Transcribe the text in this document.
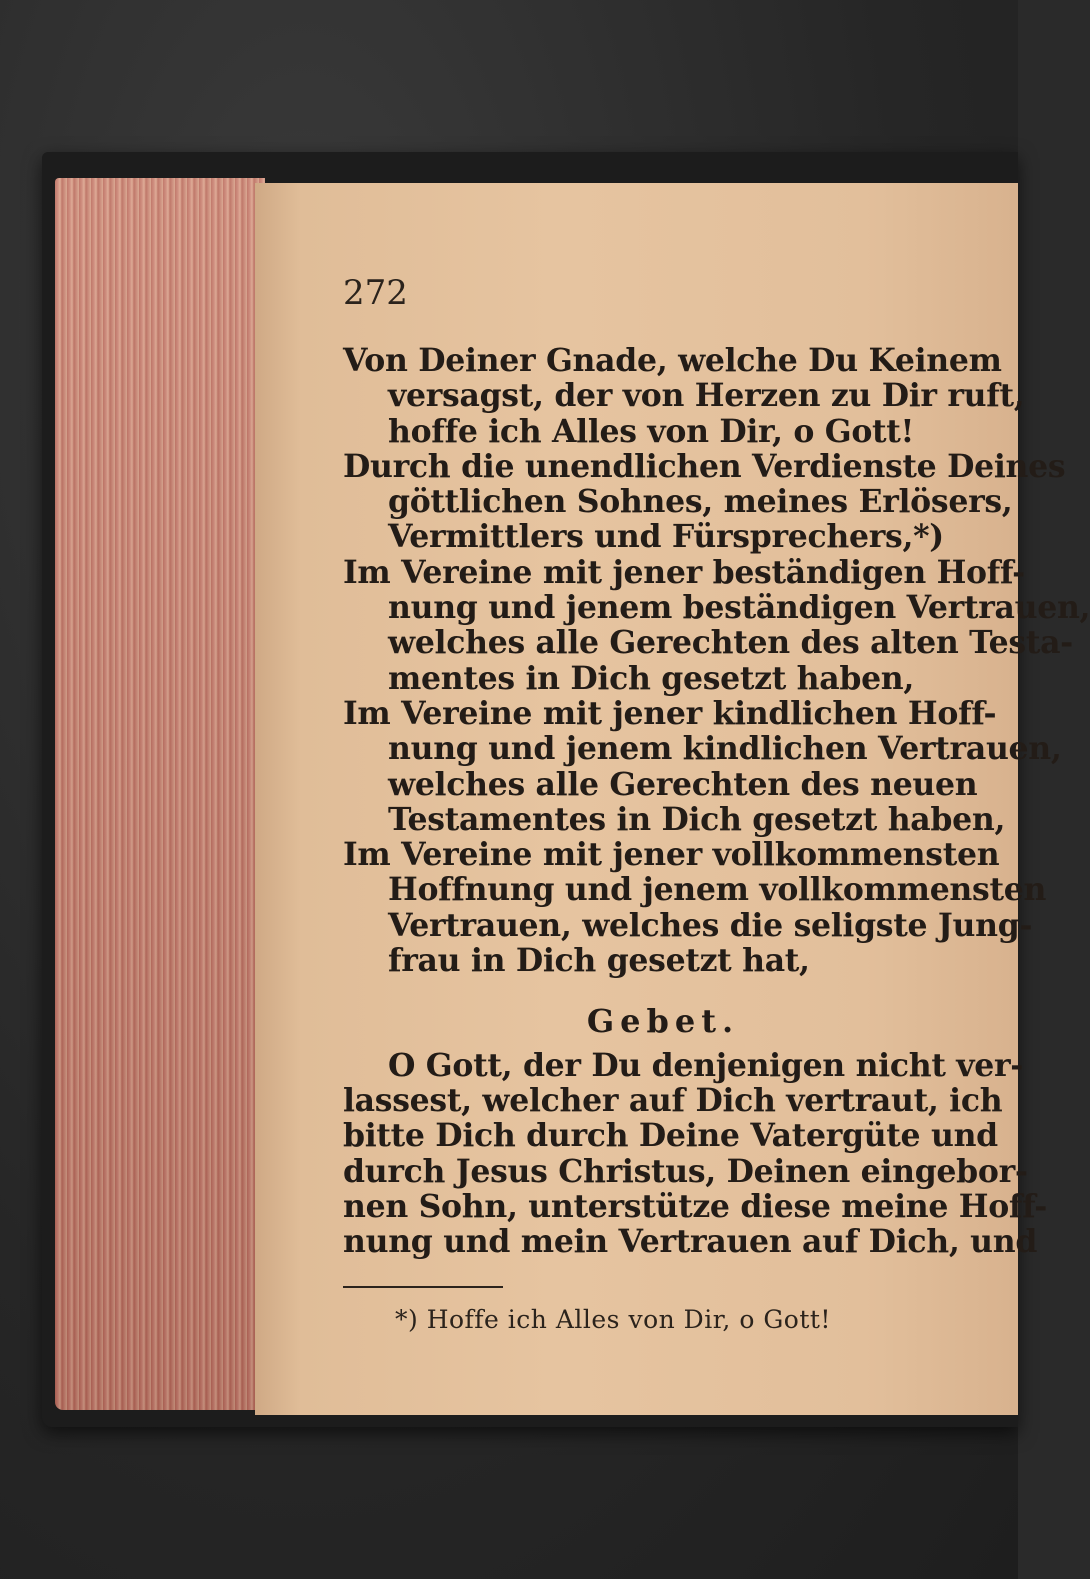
272

Von Deiner Gnade, welche Du Keinem
versagst, der von Herzen zu Dir ruft,
hoffe ich Alles von Dir, o Gott!

Durch die unendlichen Verdienste Deines
göttlichen Sohnes, meines Erlösers,
Vermittlers und Fürsprechers,*)

Im Vereine mit jener beständigen Hoff-
nung und jenem beständigen Vertrauen,
welches alle Gerechten des alten Testa-
mentes in Dich gesetzt haben,

Im Vereine mit jener kindlichen Hoff-
nung und jenem kindlichen Vertrauen,
welches alle Gerechten des neuen
Testamentes in Dich gesetzt haben,

Im Vereine mit jener vollkommensten
Hoffnung und jenem vollkommensten
Vertrauen, welches die seligste Jung-
frau in Dich gesetzt hat,

Gebet.

O Gott, der Du denjenigen nicht ver-
lassest, welcher auf Dich vertraut, ich
bitte Dich durch Deine Vatergüte und
durch Jesus Christus, Deinen eingebor-
nen Sohn, unterstütze diese meine Hoff-
nung und mein Vertrauen auf Dich, und

*) Hoffe ich Alles von Dir, o Gott!
